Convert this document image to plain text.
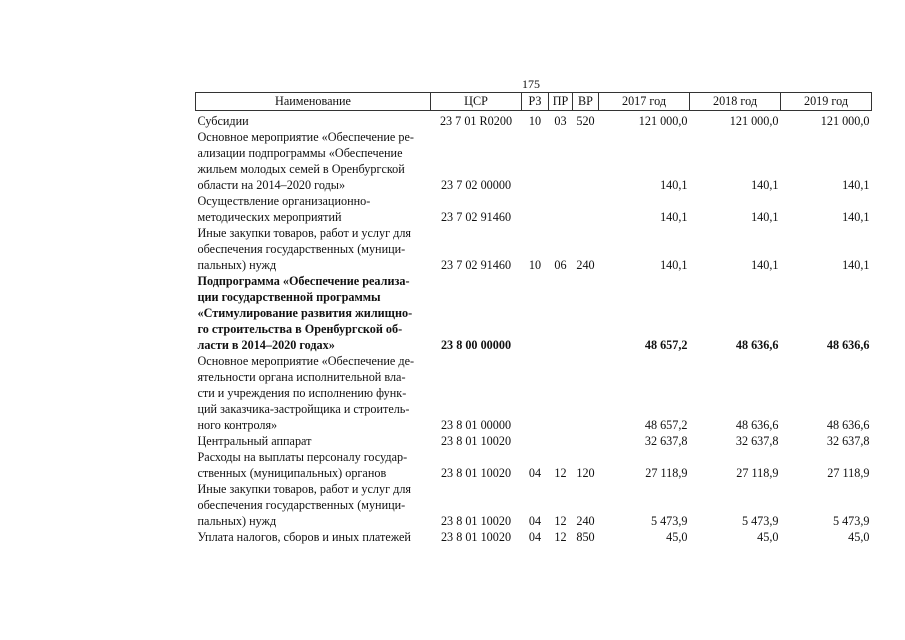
175
Наименование	ЦСР	РЗ	ПР	ВР	2017 год	2018 год	2019 год
Субсидии	23 7 01 R0200	10	03	520	121 000,0	121 000,0	121 000,0
Основное мероприятие «Обеспечение ре-
ализации подпрограммы «Обеспечение
жильем молодых семей в Оренбургской
области на 2014–2020 годы»	23 7 02 00000				140,1	140,1	140,1
Осуществление организационно-
методических мероприятий	23 7 02 91460				140,1	140,1	140,1
Иные закупки товаров, работ и услуг для
обеспечения государственных (муници-
пальных) нужд	23 7 02 91460	10	06	240	140,1	140,1	140,1
Подпрограмма «Обеспечение реализа-
ции государственной программы
«Стимулирование развития жилищно-
го строительства в Оренбургской об-
ласти в 2014–2020 годах»	23 8 00 00000				48 657,2	48 636,6	48 636,6
Основное мероприятие «Обеспечение де-
ятельности органа исполнительной вла-
сти и учреждения по исполнению функ-
ций заказчика-застройщика и строитель-
ного контроля»	23 8 01 00000				48 657,2	48 636,6	48 636,6
Центральный аппарат	23 8 01 10020				32 637,8	32 637,8	32 637,8
Расходы на выплаты персоналу государ-
ственных (муниципальных) органов	23 8 01 10020	04	12	120	27 118,9	27 118,9	27 118,9
Иные закупки товаров, работ и услуг для
обеспечения государственных (муници-
пальных) нужд	23 8 01 10020	04	12	240	5 473,9	5 473,9	5 473,9
Уплата налогов, сборов и иных платежей	23 8 01 10020	04	12	850	45,0	45,0	45,0
